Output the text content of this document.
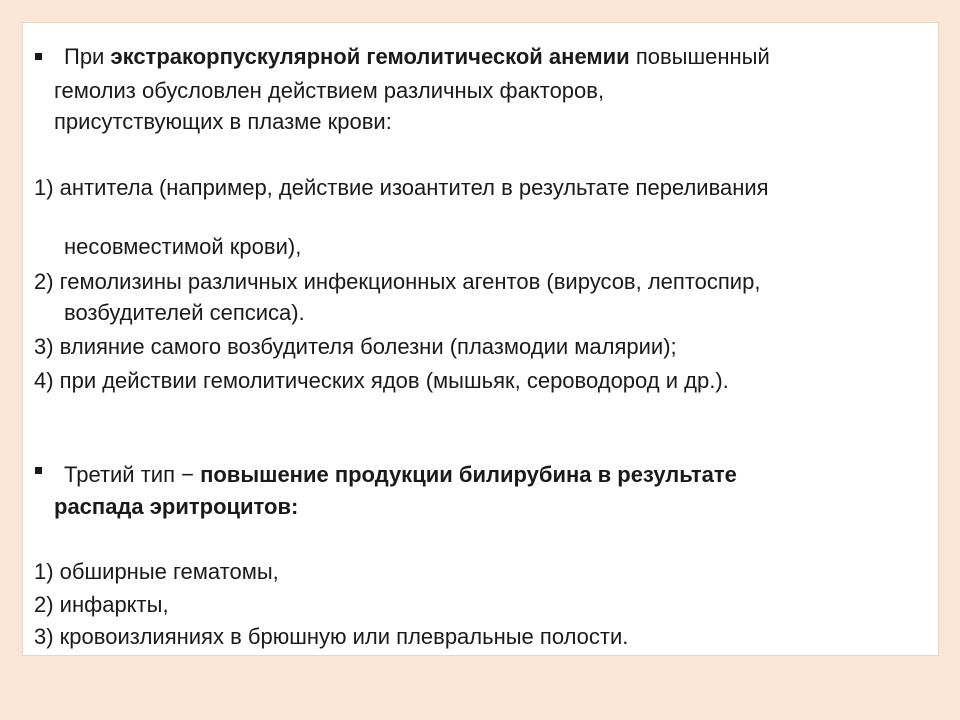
При экстракорпускулярной гемолитической анемии повышенный
гемолиз обусловлен действием различных факторов,
присутствующих в плазме крови:
1) антитела (например, действие изоантител в результате переливания
несовместимой крови),
2) гемолизины различных инфекционных агентов (вирусов, лептоспир,
возбудителей сепсиса).
3) влияние самого возбудителя болезни (плазмодии малярии);
4) при действии гемолитических ядов (мышьяк, сероводород и др.).
Третий тип − повышение продукции билирубина в результате
распада эритроцитов:
1) обширные гематомы,
2) инфаркты,
3) кровоизлияниях в брюшную или плевральные полости.
